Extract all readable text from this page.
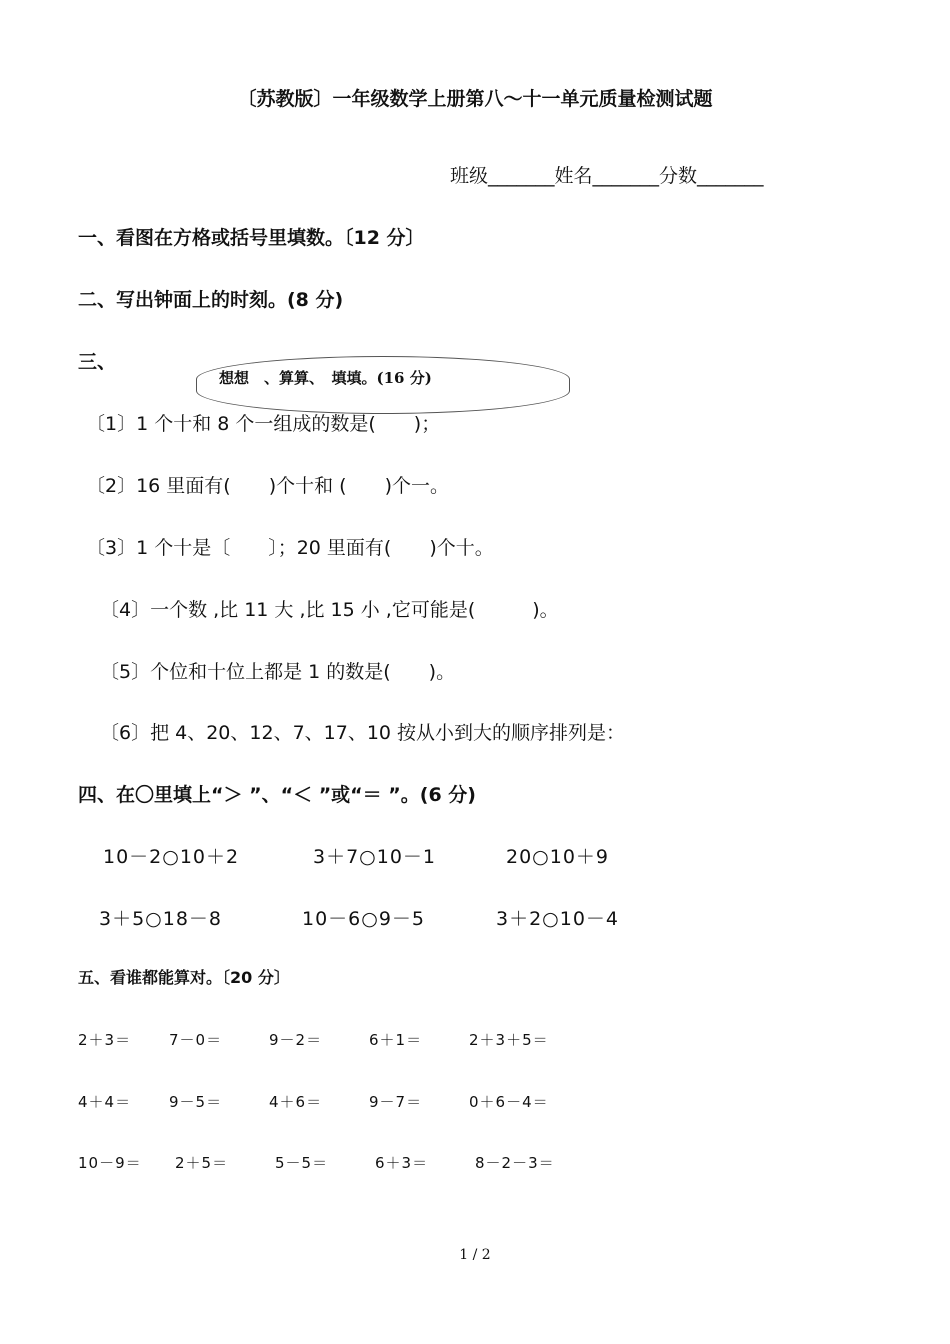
〔苏教版〕一年级数学上册第八～十一单元质量检测试题
班级_______姓名_______分数_______
一、看图在方格或括号里填数。〔12 分〕
二、写出钟面上的时刻。(8 分)
三、
〔1〕1 个十和 8 个一组成的数是(　　)；
〔2〕16 里面有(　　)个十和 (　　)个一。
〔3〕1 个十是〔　　〕；20 里面有(　　)个十。
〔4〕一个数 ,比 11 大 ,比 15 小 ,它可能是(　　　)。
〔5〕个位和十位上都是 1 的数是(　　)。
〔6〕把 4、20、12、7、17、10 按从小到大的顺序排列是：
想想　、算算、　填填。(16 分)
四、在〇里填上“＞ ”、“＜ ”或“＝ ”。(6 分)
10－2○10＋2	3＋7○10－1	20○10＋9
3＋5○18－8	10－6○9－5	3＋2○10－4
五、看谁都能算对。〔20 分〕
2＋3＝	7－0＝	9－2＝	6＋1＝	2＋3＋5＝
4＋4＝	9－5＝	4＋6＝	9－7＝	0＋6－4＝
10－9＝ 2＋5＝	5－5＝	6＋3＝	8－2－3＝
1 / 2
